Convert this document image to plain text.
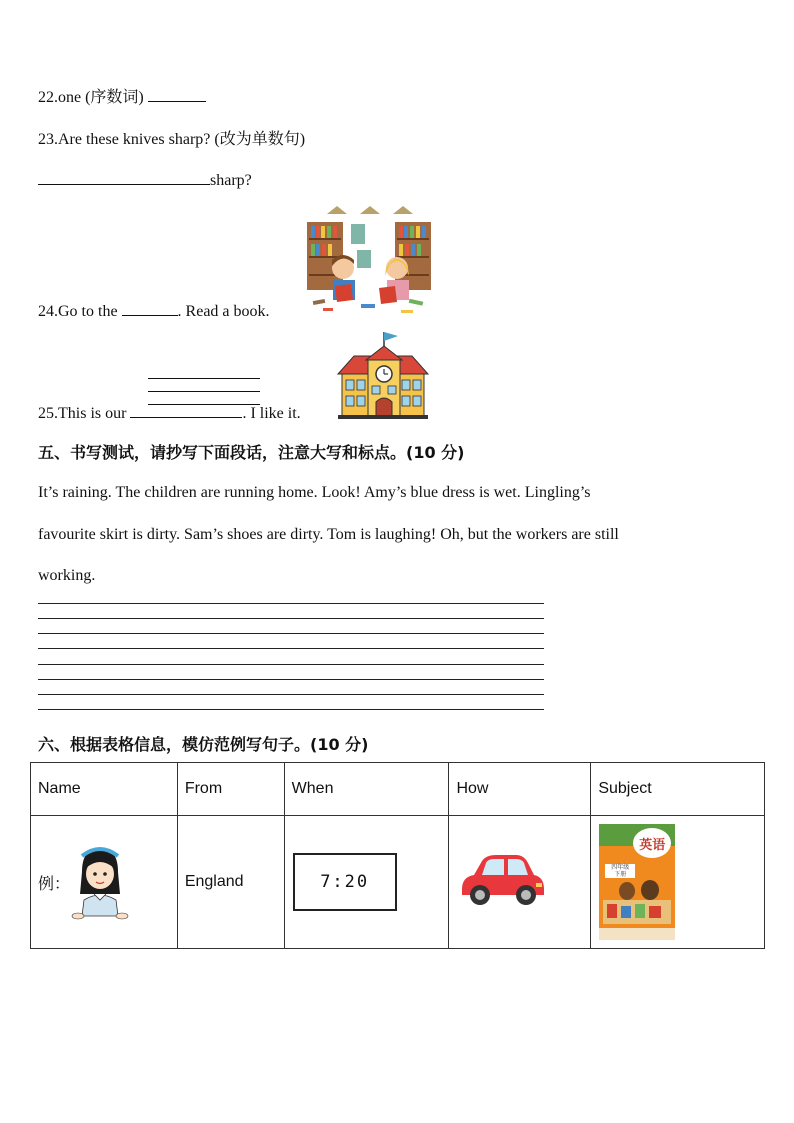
22.one (序数词)
23.Are these knives sharp? (改为单数句)
sharp?
24.Go to the	. Read a book.
25.This is our	. I like it.
五、书写测试，请抄写下面段话，注意大写和标点。(10 分)
It’s raining. The children are running home. Look! Amy’s blue dress is wet. Lingling’s
favourite skirt is dirty. Sam’s shoes are dirty. Tom is laughing! Oh, but the workers are still
working.
六、根据表格信息，模仿范例写句子。(10 分)
Name	From	When	How	Subject

例：	England	7:20		英语
四年级
下册
